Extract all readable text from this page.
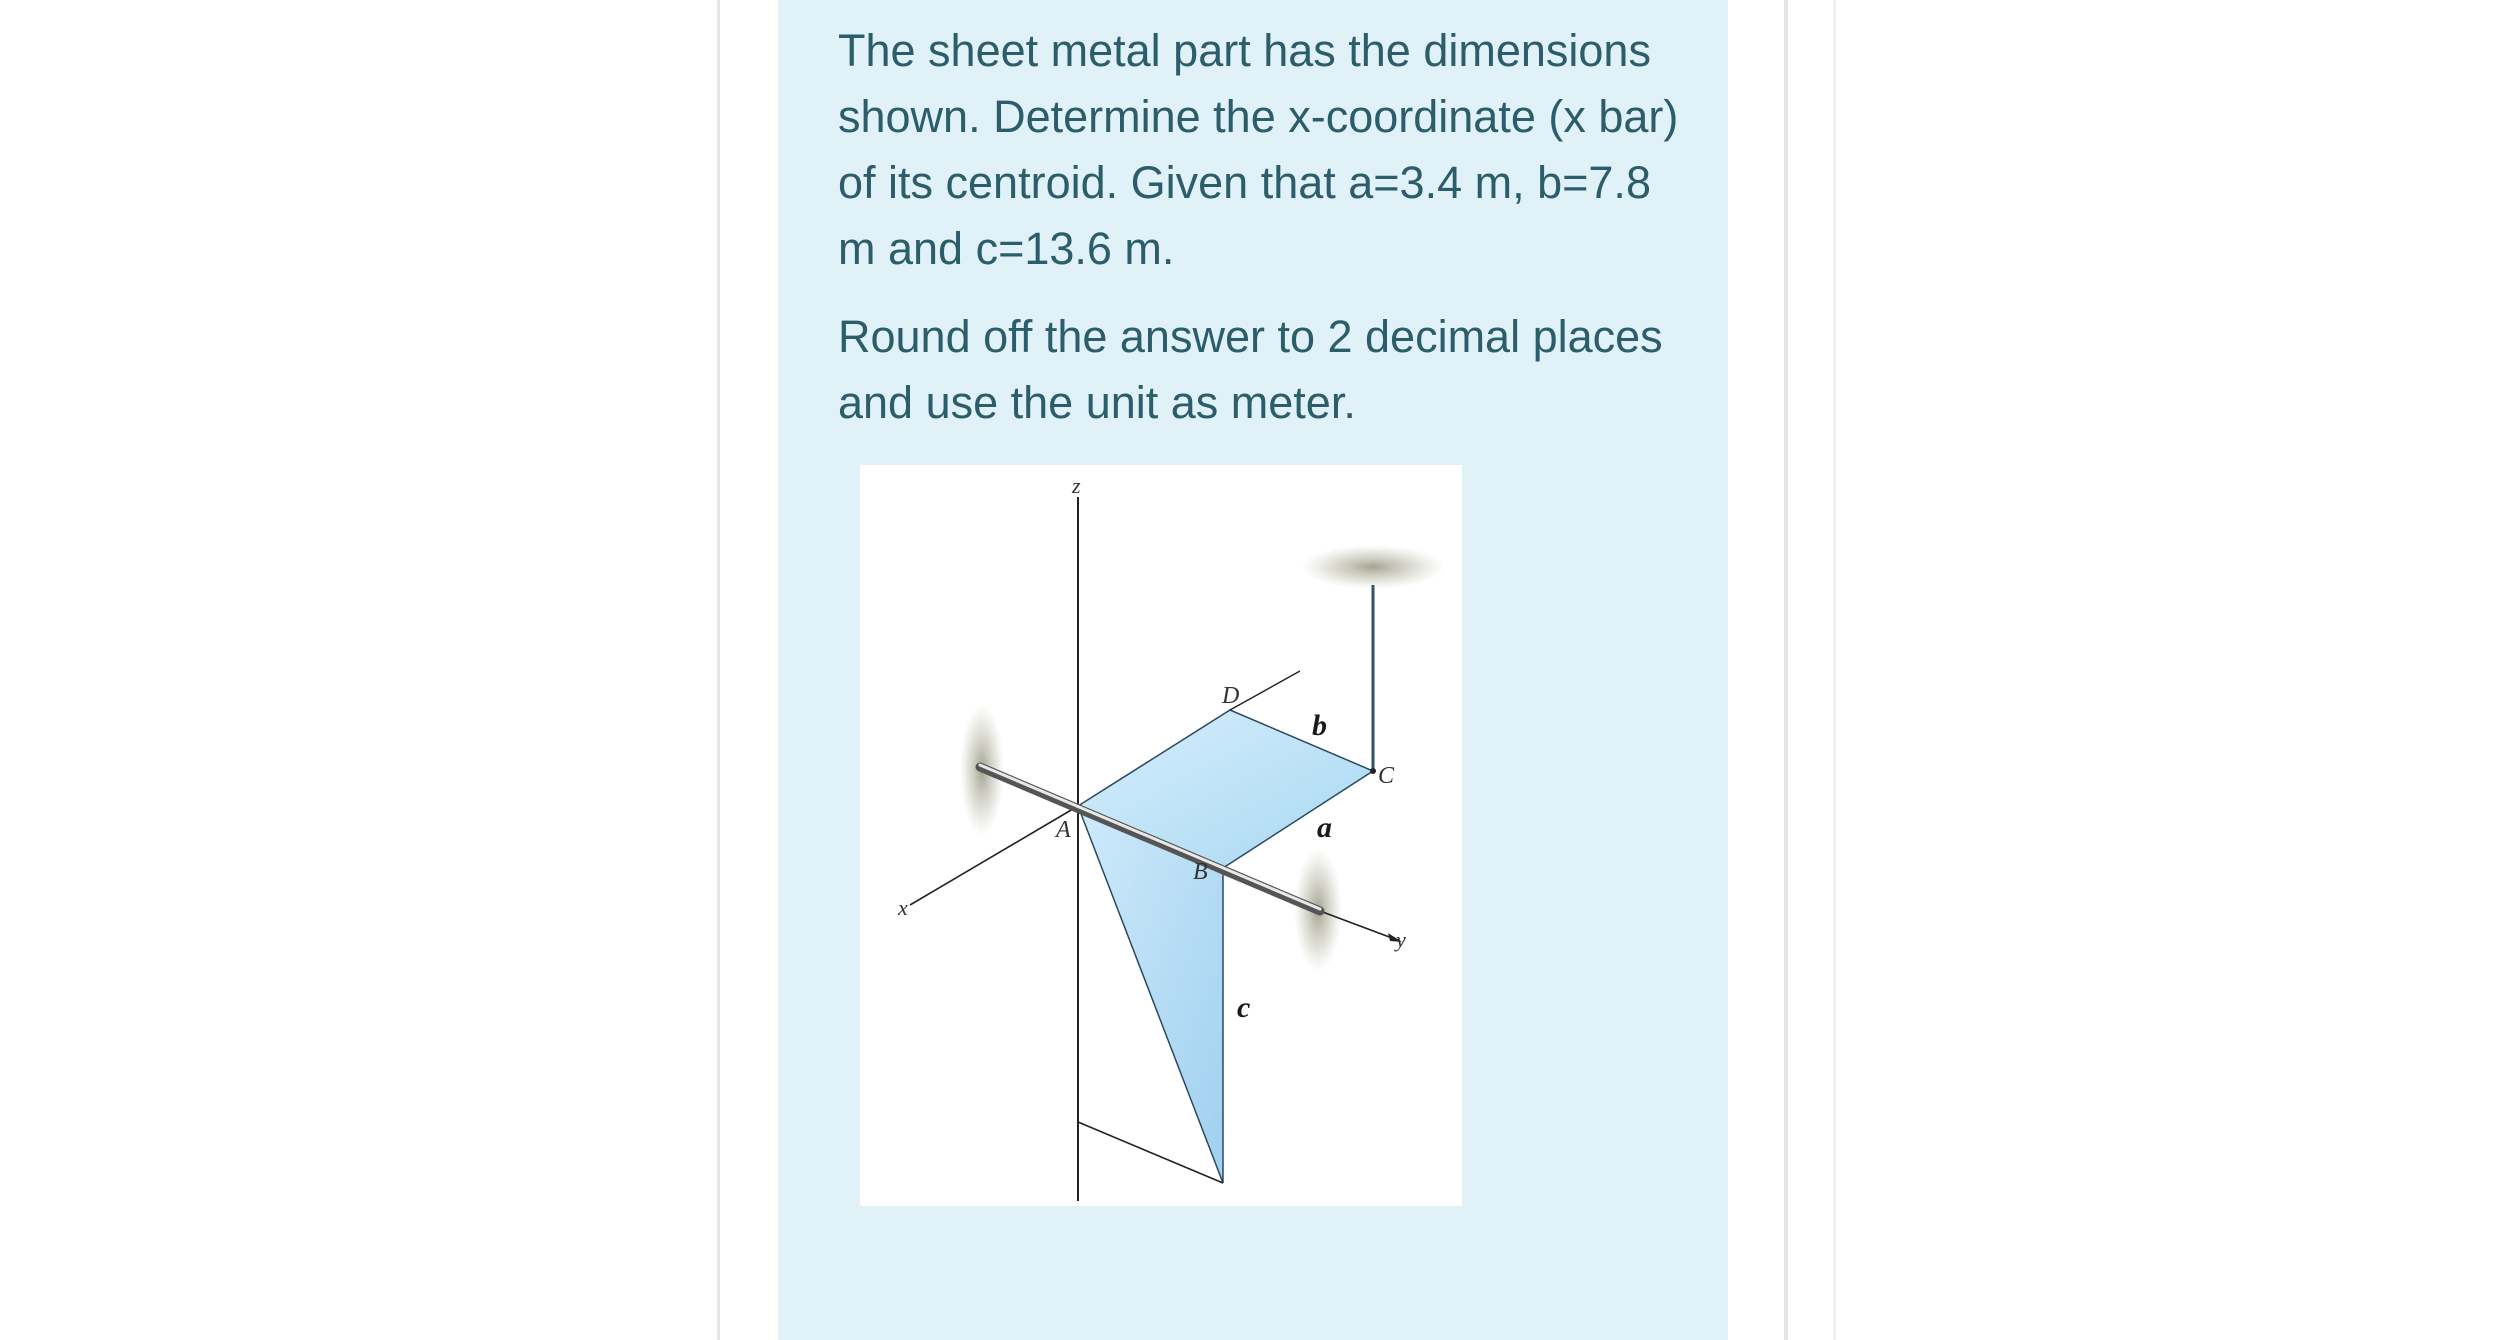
The sheet metal part has the dimensions shown. Determine the x-coordinate (x bar) of its centroid. Given that a=3.4 m, b=7.8 m and c=13.6 m.

Round off the answer to 2 decimal places and use the unit as meter.

z
x
y
A
B
C
D
a
b
c
